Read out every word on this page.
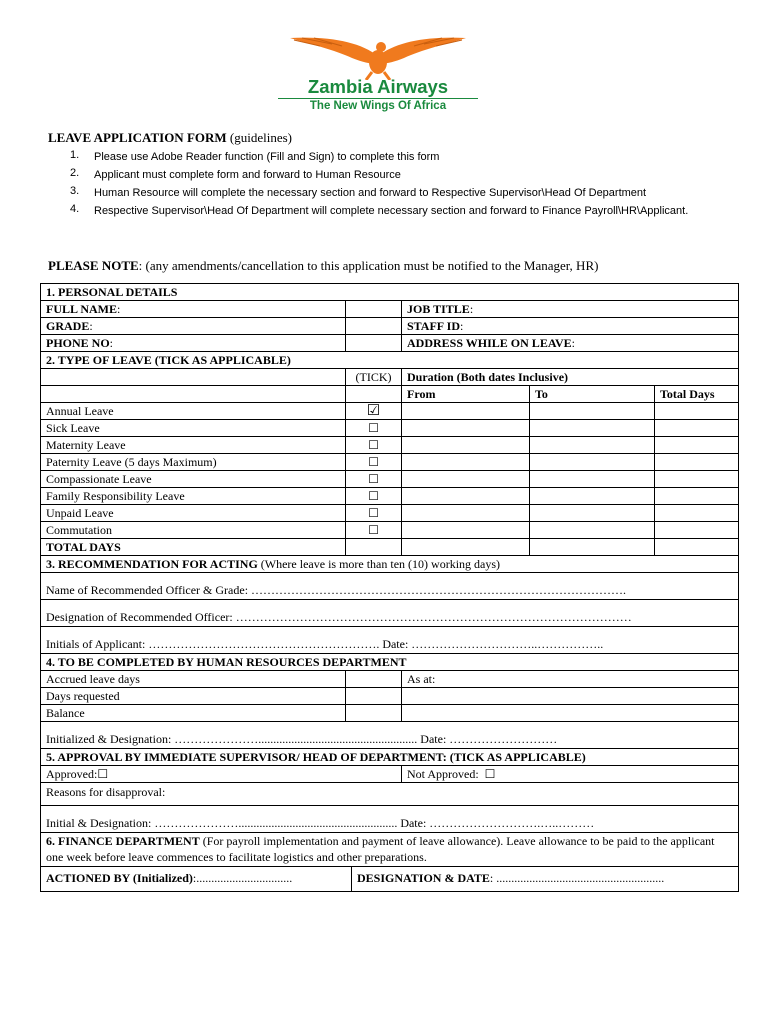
Zambia Airways
The New Wings Of Africa
LEAVE APPLICATION FORM (guidelines)
1. Please use Adobe Reader function (Fill and Sign) to complete this form
2. Applicant must complete form and forward to Human Resource
3. Human Resource will complete the necessary section and forward to Respective Supervisor\Head Of Department
4. Respective Supervisor\Head Of Department will complete necessary section and forward to Finance Payroll\HR\Applicant.
PLEASE NOTE: (any amendments/cancellation to this application must be notified to the Manager, HR)
1. PERSONAL DETAILS				
FULL NAME:		JOB TITLE:		
GRADE:		STAFF ID:		
PHONE NO:		ADDRESS WHILE ON LEAVE:		
2. TYPE OF LEAVE (TICK AS APPLICABLE)				
	(TICK)	Duration (Both dates Inclusive)		
		From	To	Total Days
Annual Leave	☑			
Sick Leave	☐			
Maternity Leave	☐			
Paternity Leave (5 days Maximum)	☐			
Compassionate Leave	☐			
Family Responsibility Leave	☐			
Unpaid Leave	☐			
Commutation	☐			
TOTAL DAYS				
3. RECOMMENDATION FOR ACTING (Where leave is more than ten (10) working days)				
Name of Recommended Officer & Grade: ………………………………………………………………………………….				
Designation of Recommended Officer: ………………………………………………………………………………………				
Initials of Applicant: …………………………………………………. Date: …………………………..……………..				
4. TO BE COMPLETED BY HUMAN RESOURCES DEPARTMENT				
Accrued leave days		As at:		
Days requested				
Balance				
Initialized & Designation: …………………..................................................... Date: ………………………				
5. APPROVAL BY IMMEDIATE SUPERVISOR/ HEAD OF DEPARTMENT: (TICK AS APPLICABLE)				
Approved:☐		Not Approved: ☐		
Reasons for disapproval:				
Initial & Designation: …………………..................................................... Date: ……………………….…..………				
6. FINANCE DEPARTMENT (For payroll implementation and payment of leave allowance). Leave allowance to be paid to the applicant one week before leave commences to facilitate logistics and other preparations.				

ACTIONED BY (Initialized):................................ DESIGNATION & DATE: ........................................................				
